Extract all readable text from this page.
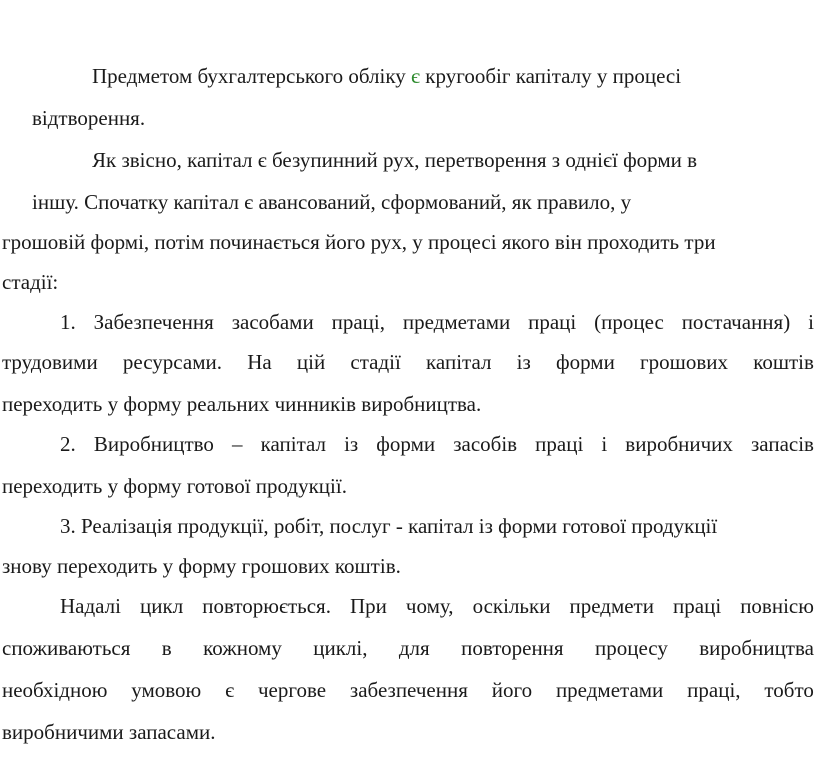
Предметом бухгалтерського обліку є кругообіг капіталу у процесі
відтворення.
Як звісно, капітал є безупинний рух, перетворення з однієї форми в
іншу. Спочатку капітал є авансований, сформований, як правило, у
грошовій формі, потім починається його рух, у процесі якого він проходить три
стадії:
1. Забезпечення засобами праці, предметами праці (процес постачання) і
трудовими ресурсами. На цій стадії капітал із форми грошових коштів
переходить у форму реальних чинників виробництва.
2. Виробництво – капітал із форми засобів праці і виробничих запасів
переходить у форму готової продукції.
3. Реалізація продукції, робіт, послуг - капітал із форми готової продукції
знову переходить у форму грошових коштів.
Надалі цикл повторюється. При чому, оскільки предмети праці повнісю
споживаються в кожному циклі, для повторення процесу виробництва
необхідною умовою є чергове забезпечення його предметами праці, тобто
виробничими запасами.
